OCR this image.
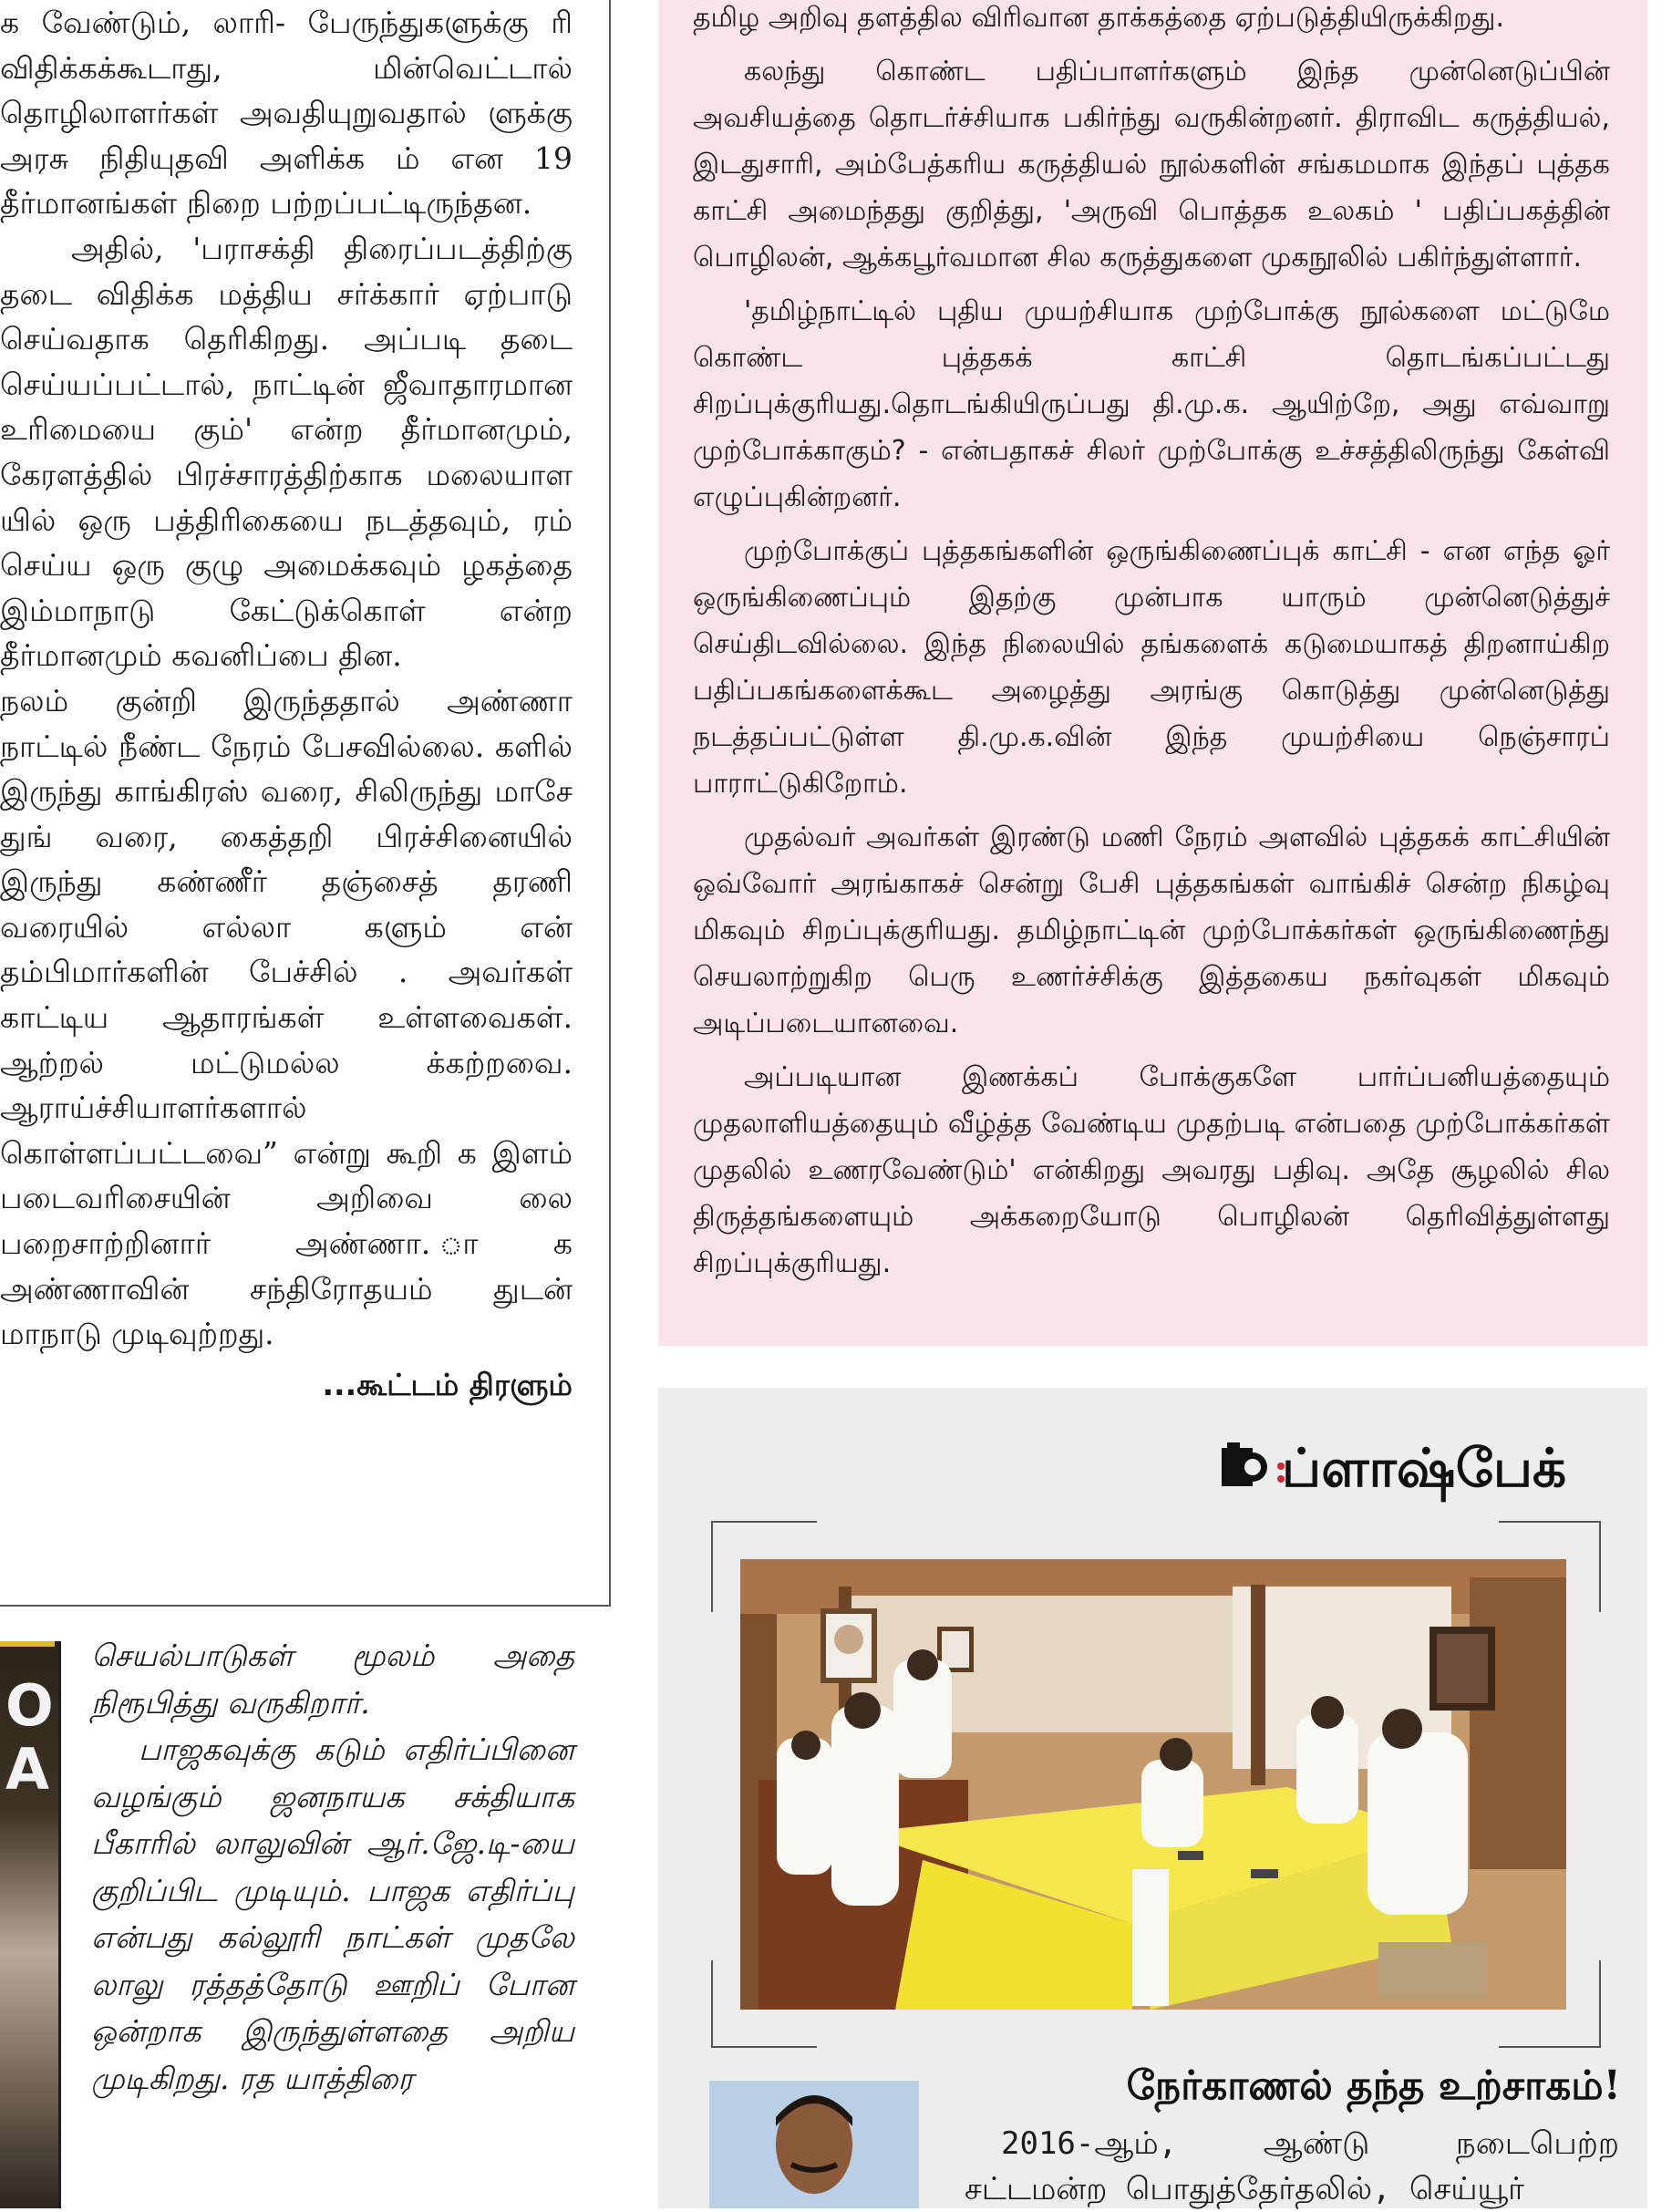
க வேண்டும், லாரி- பேருந்துகளுக்கு ரி விதிக்கக்கூடாது, மின்வெட்டால் தொழிலாளர்கள் அவதியுறுவதால் ளுக்கு அரசு நிதியுதவி அளிக்க ம் என 19 தீர்மானங்கள் நிறை பற்றப்பட்டிருந்தன.

அதில், 'பராசக்தி திரைப்படத்திற்கு தடை விதிக்க மத்திய சர்க்கார் ஏற்பாடு செய்வதாக தெரிகிறது. அப்படி தடை செய்யப்பட்டால், நாட்டின் ஜீவாதாரமான உரிமையை கும்' என்ற தீர்மானமும், கேரளத்தில் பிரச்சாரத்திற்காக மலையாள யில் ஒரு பத்திரிகையை நடத்தவும், ரம் செய்ய ஒரு குழு அமைக்கவும் ழகத்தை இம்மாநாடு கேட்டுக்கொள் என்ற தீர்மானமும் கவனிப்பை தின.

நலம் குன்றி இருந்ததால் அண்ணா நாட்டில் நீண்ட நேரம் பேசவில்லை. களில் இருந்து காங்கிரஸ் வரை, சிலிருந்து மாசே துங் வரை, கைத்தறி பிரச்சினையில் இருந்து கண்ணீர் தஞ்சைத் தரணி வரையில் எல்லா களும் என் தம்பிமார்களின் பேச்சில் . அவர்கள் காட்டிய ஆதாரங்கள் உள்ளவைகள். ஆற்றல் மட்டுமல்ல க்கற்றவை. ஆராய்ச்சியாளர்களால் கொள்ளப்பட்டவை” என்று கூறி க இளம் படைவரிசையின் அறிவை லை பறைசாற்றினார் அண்ணா. ாக அண்ணாவின் சந்திரோதயம் துடன் மாநாடு முடிவுற்றது.

...கூட்டம் திரளும்

O
A

செயல்பாடுகள் மூலம் அதை நிரூபித்து வருகிறார்.

பாஜகவுக்கு கடும் எதிர்ப்பினை வழங்கும் ஜனநாயக சக்தியாக பீகாரில் லாலுவின் ஆர்.ஜே.டி-யை குறிப்பிட முடியும். பாஜக எதிர்ப்பு என்பது கல்லூரி நாட்கள் முதலே லாலு ரத்தத்தோடு ஊறிப் போன ஒன்றாக இருந்துள்ளதை அறிய முடிகிறது. ரத யாத்திரை

தமிழ அறிவு தளத்தில விரிவான தாக்கத்தை ஏற்படுத்தியிருக்கிறது.

கலந்து கொண்ட பதிப்பாளர்களும் இந்த முன்னெடுப்பின் அவசியத்தை தொடர்ச்சியாக பகிர்ந்து வருகின்றனர். திராவிட கருத்தியல், இடதுசாரி, அம்பேத்கரிய கருத்தியல் நூல்களின் சங்கமமாக இந்தப் புத்தக காட்சி அமைந்தது குறித்து, 'அருவி பொத்தக உலகம் ' பதிப்பகத்தின் பொழிலன், ஆக்கபூர்வமான சில கருத்துகளை முகநூலில் பகிர்ந்துள்ளார்.

'தமிழ்நாட்டில் புதிய முயற்சியாக முற்போக்கு நூல்களை மட்டுமே கொண்ட புத்தகக் காட்சி தொடங்கப்பட்டது சிறப்புக்குரியது.தொடங்கியிருப்பது தி.மு.க. ஆயிற்றே, அது எவ்வாறு முற்போக்காகும்? - என்பதாகச் சிலர் முற்போக்கு உச்சத்திலிருந்து கேள்வி எழுப்புகின்றனர்.

முற்போக்குப் புத்தகங்களின் ஒருங்கிணைப்புக் காட்சி - என எந்த ஓர் ஒருங்கிணைப்பும் இதற்கு முன்பாக யாரும் முன்னெடுத்துச் செய்திடவில்லை. இந்த நிலையில் தங்களைக் கடுமையாகத் திறனாய்கிற பதிப்பகங்களைக்கூட அழைத்து அரங்கு கொடுத்து முன்னெடுத்து நடத்தப்பட்டுள்ள தி.மு.க.வின் இந்த முயற்சியை நெஞ்சாரப் பாராட்டுகிறோம்.

முதல்வர் அவர்கள் இரண்டு மணி நேரம் அளவில் புத்தகக் காட்சியின் ஒவ்வோர் அரங்காகச் சென்று பேசி புத்தகங்கள் வாங்கிச் சென்ற நிகழ்வு மிகவும் சிறப்புக்குரியது. தமிழ்நாட்டின் முற்போக்கர்கள் ஒருங்கிணைந்து செயலாற்றுகிற பெரு உணர்ச்சிக்கு இத்தகைய நகர்வுகள் மிகவும் அடிப்படையானவை.

அப்படியான இணக்கப் போக்குகளே பார்ப்பனியத்தையும் முதலாளியத்தையும் வீழ்த்த வேண்டிய முதற்படி என்பதை முற்போக்கர்கள் முதலில் உணரவேண்டும்' என்கிறது அவரது பதிவு. அதே சூழலில் சில திருத்தங்களையும் அக்கறையோடு பொழிலன் தெரிவித்துள்ளது சிறப்புக்குரியது.

ப்ளாஷ்பேக்
நேர்காணல் தந்த உற்சாகம்!

2016-ஆம், ஆண்டு நடைபெற்ற சட்டமன்ற பொதுத்தேர்தலில், செய்யூர்
